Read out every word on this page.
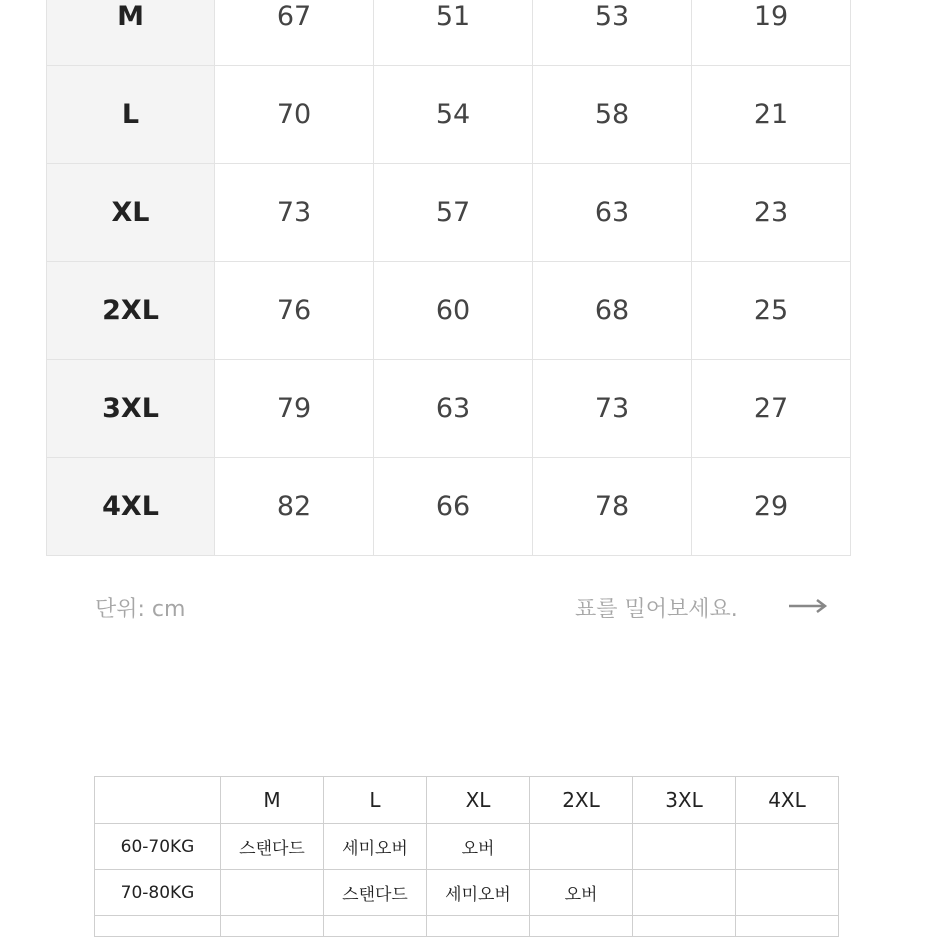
M	67	51	53	19
L	70	54	58	21
XL	73	57	63	23
2XL	76	60	68	25
3XL	79	63	73	27
4XL	82	66	78	29
단위: cm	표를 밀어보세요.
	M	L	XL	2XL	3XL	4XL
60-70KG	스탠다드	세미오버	오버			
70-80KG		스탠다드	세미오버	오버		
